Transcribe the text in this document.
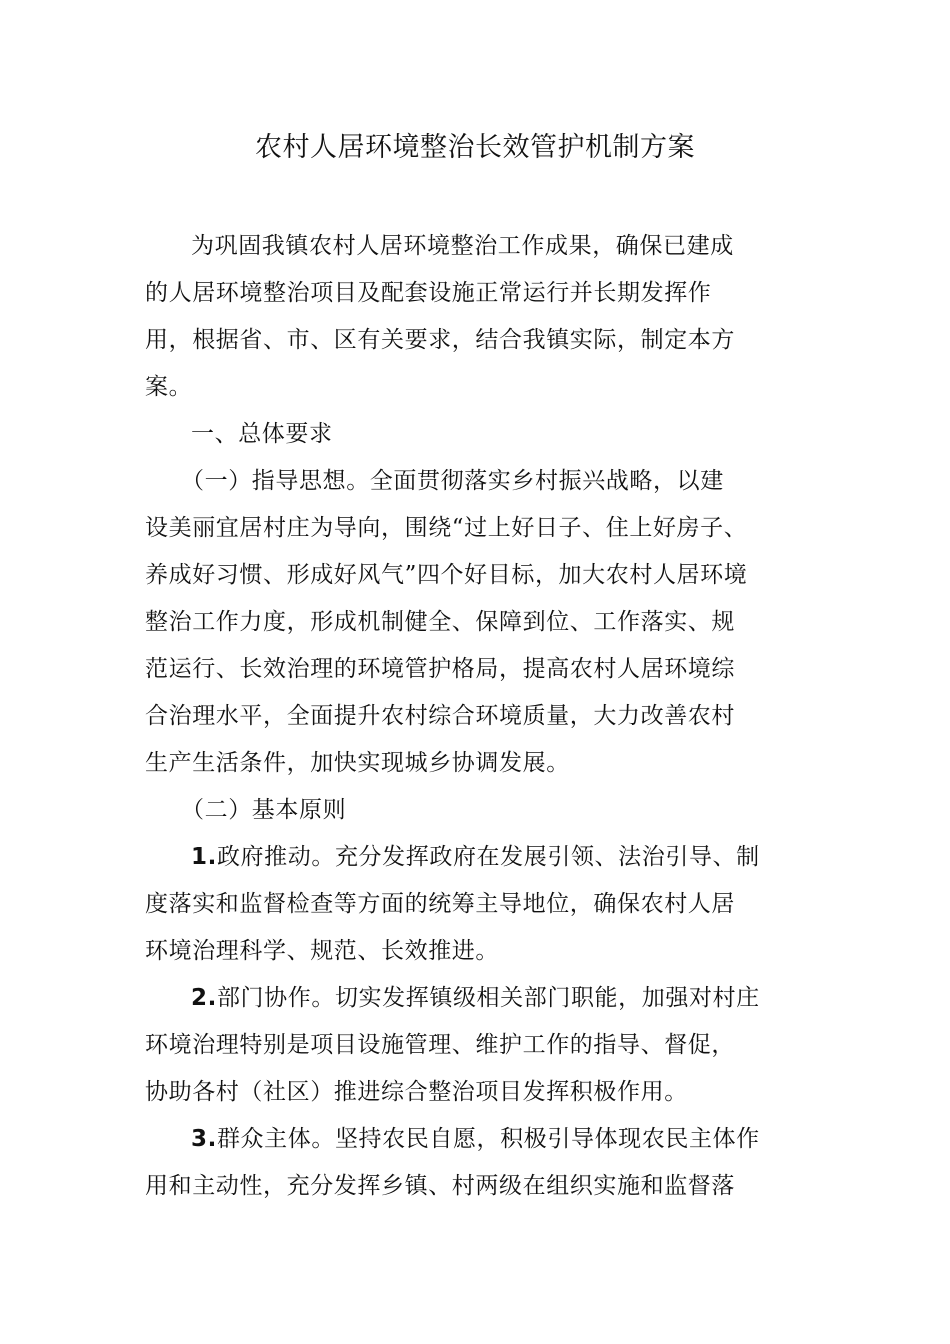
农村人居环境整治长效管护机制方案
为巩固我镇农村人居环境整治工作成果，确保已建成
的人居环境整治项目及配套设施正常运行并长期发挥作
用，根据省、市、区有关要求，结合我镇实际，制定本方
案。
一、总体要求
（一）指导思想。全面贯彻落实乡村振兴战略，以建
设美丽宜居村庄为导向，围绕“过上好日子、住上好房子、
养成好习惯、形成好风气”四个好目标，加大农村人居环境
整治工作力度，形成机制健全、保障到位、工作落实、规
范运行、长效治理的环境管护格局，提高农村人居环境综
合治理水平，全面提升农村综合环境质量，大力改善农村
生产生活条件，加快实现城乡协调发展。
（二）基本原则
1.政府推动。充分发挥政府在发展引领、法治引导、制
度落实和监督检查等方面的统筹主导地位，确保农村人居
环境治理科学、规范、长效推进。
2.部门协作。切实发挥镇级相关部门职能，加强对村庄
环境治理特别是项目设施管理、维护工作的指导、督促，
协助各村（社区）推进综合整治项目发挥积极作用。
3.群众主体。坚持农民自愿，积极引导体现农民主体作
用和主动性，充分发挥乡镇、村两级在组织实施和监督落
